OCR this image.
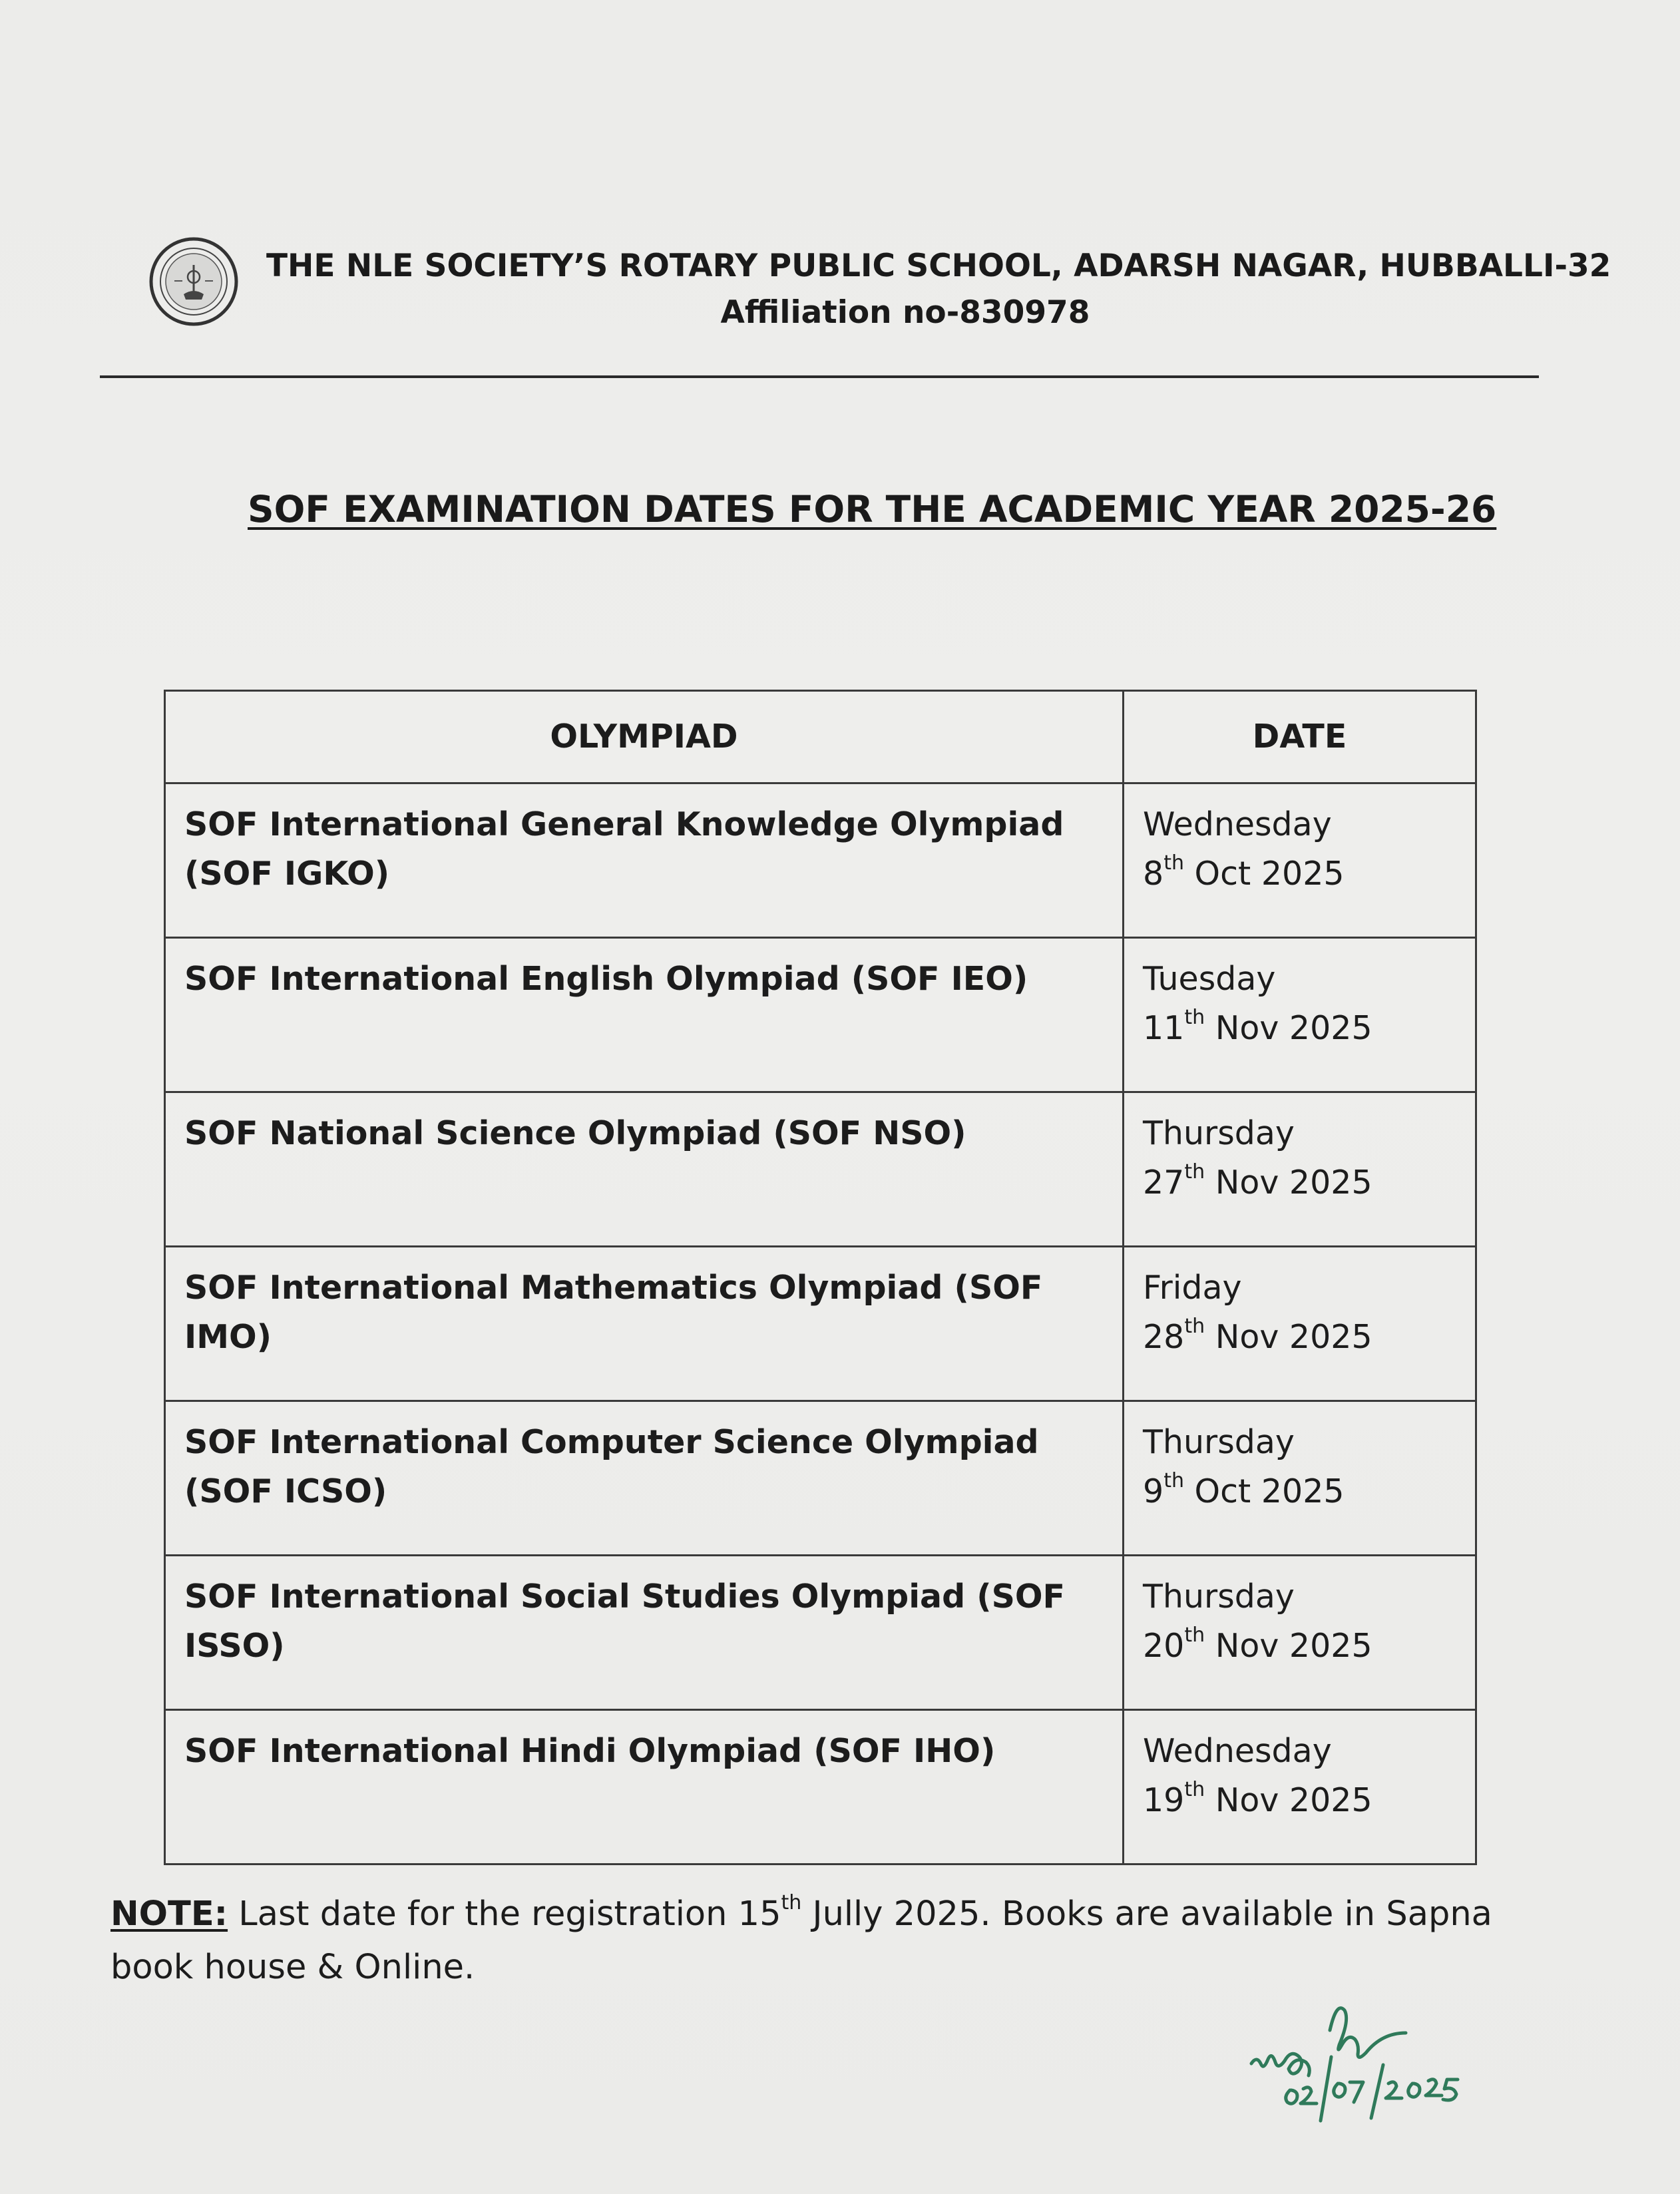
THE NLE SOCIETY’S ROTARY PUBLIC SCHOOL, ADARSH NAGAR, HUBBALLI-32
Affiliation no-830978
SOF EXAMINATION DATES FOR THE ACADEMIC YEAR 2025-26
OLYMPIAD	DATE
SOF International General Knowledge Olympiad (SOF IGKO)	Wednesday
8th Oct 2025
SOF International English Olympiad (SOF IEO)	Tuesday
11th Nov 2025
SOF National Science Olympiad (SOF NSO)	Thursday
27th Nov 2025
SOF International Mathematics Olympiad (SOF IMO)	Friday
28th Nov 2025
SOF International Computer Science Olympiad (SOF ICSO)	Thursday
9th Oct 2025
SOF International Social Studies Olympiad (SOF ISSO)	Thursday
20th Nov 2025
SOF International Hindi Olympiad (SOF IHO)	Wednesday
19th Nov 2025
NOTE: Last date for the registration 15th Jully 2025. Books are available in Sapna book house & Online.
